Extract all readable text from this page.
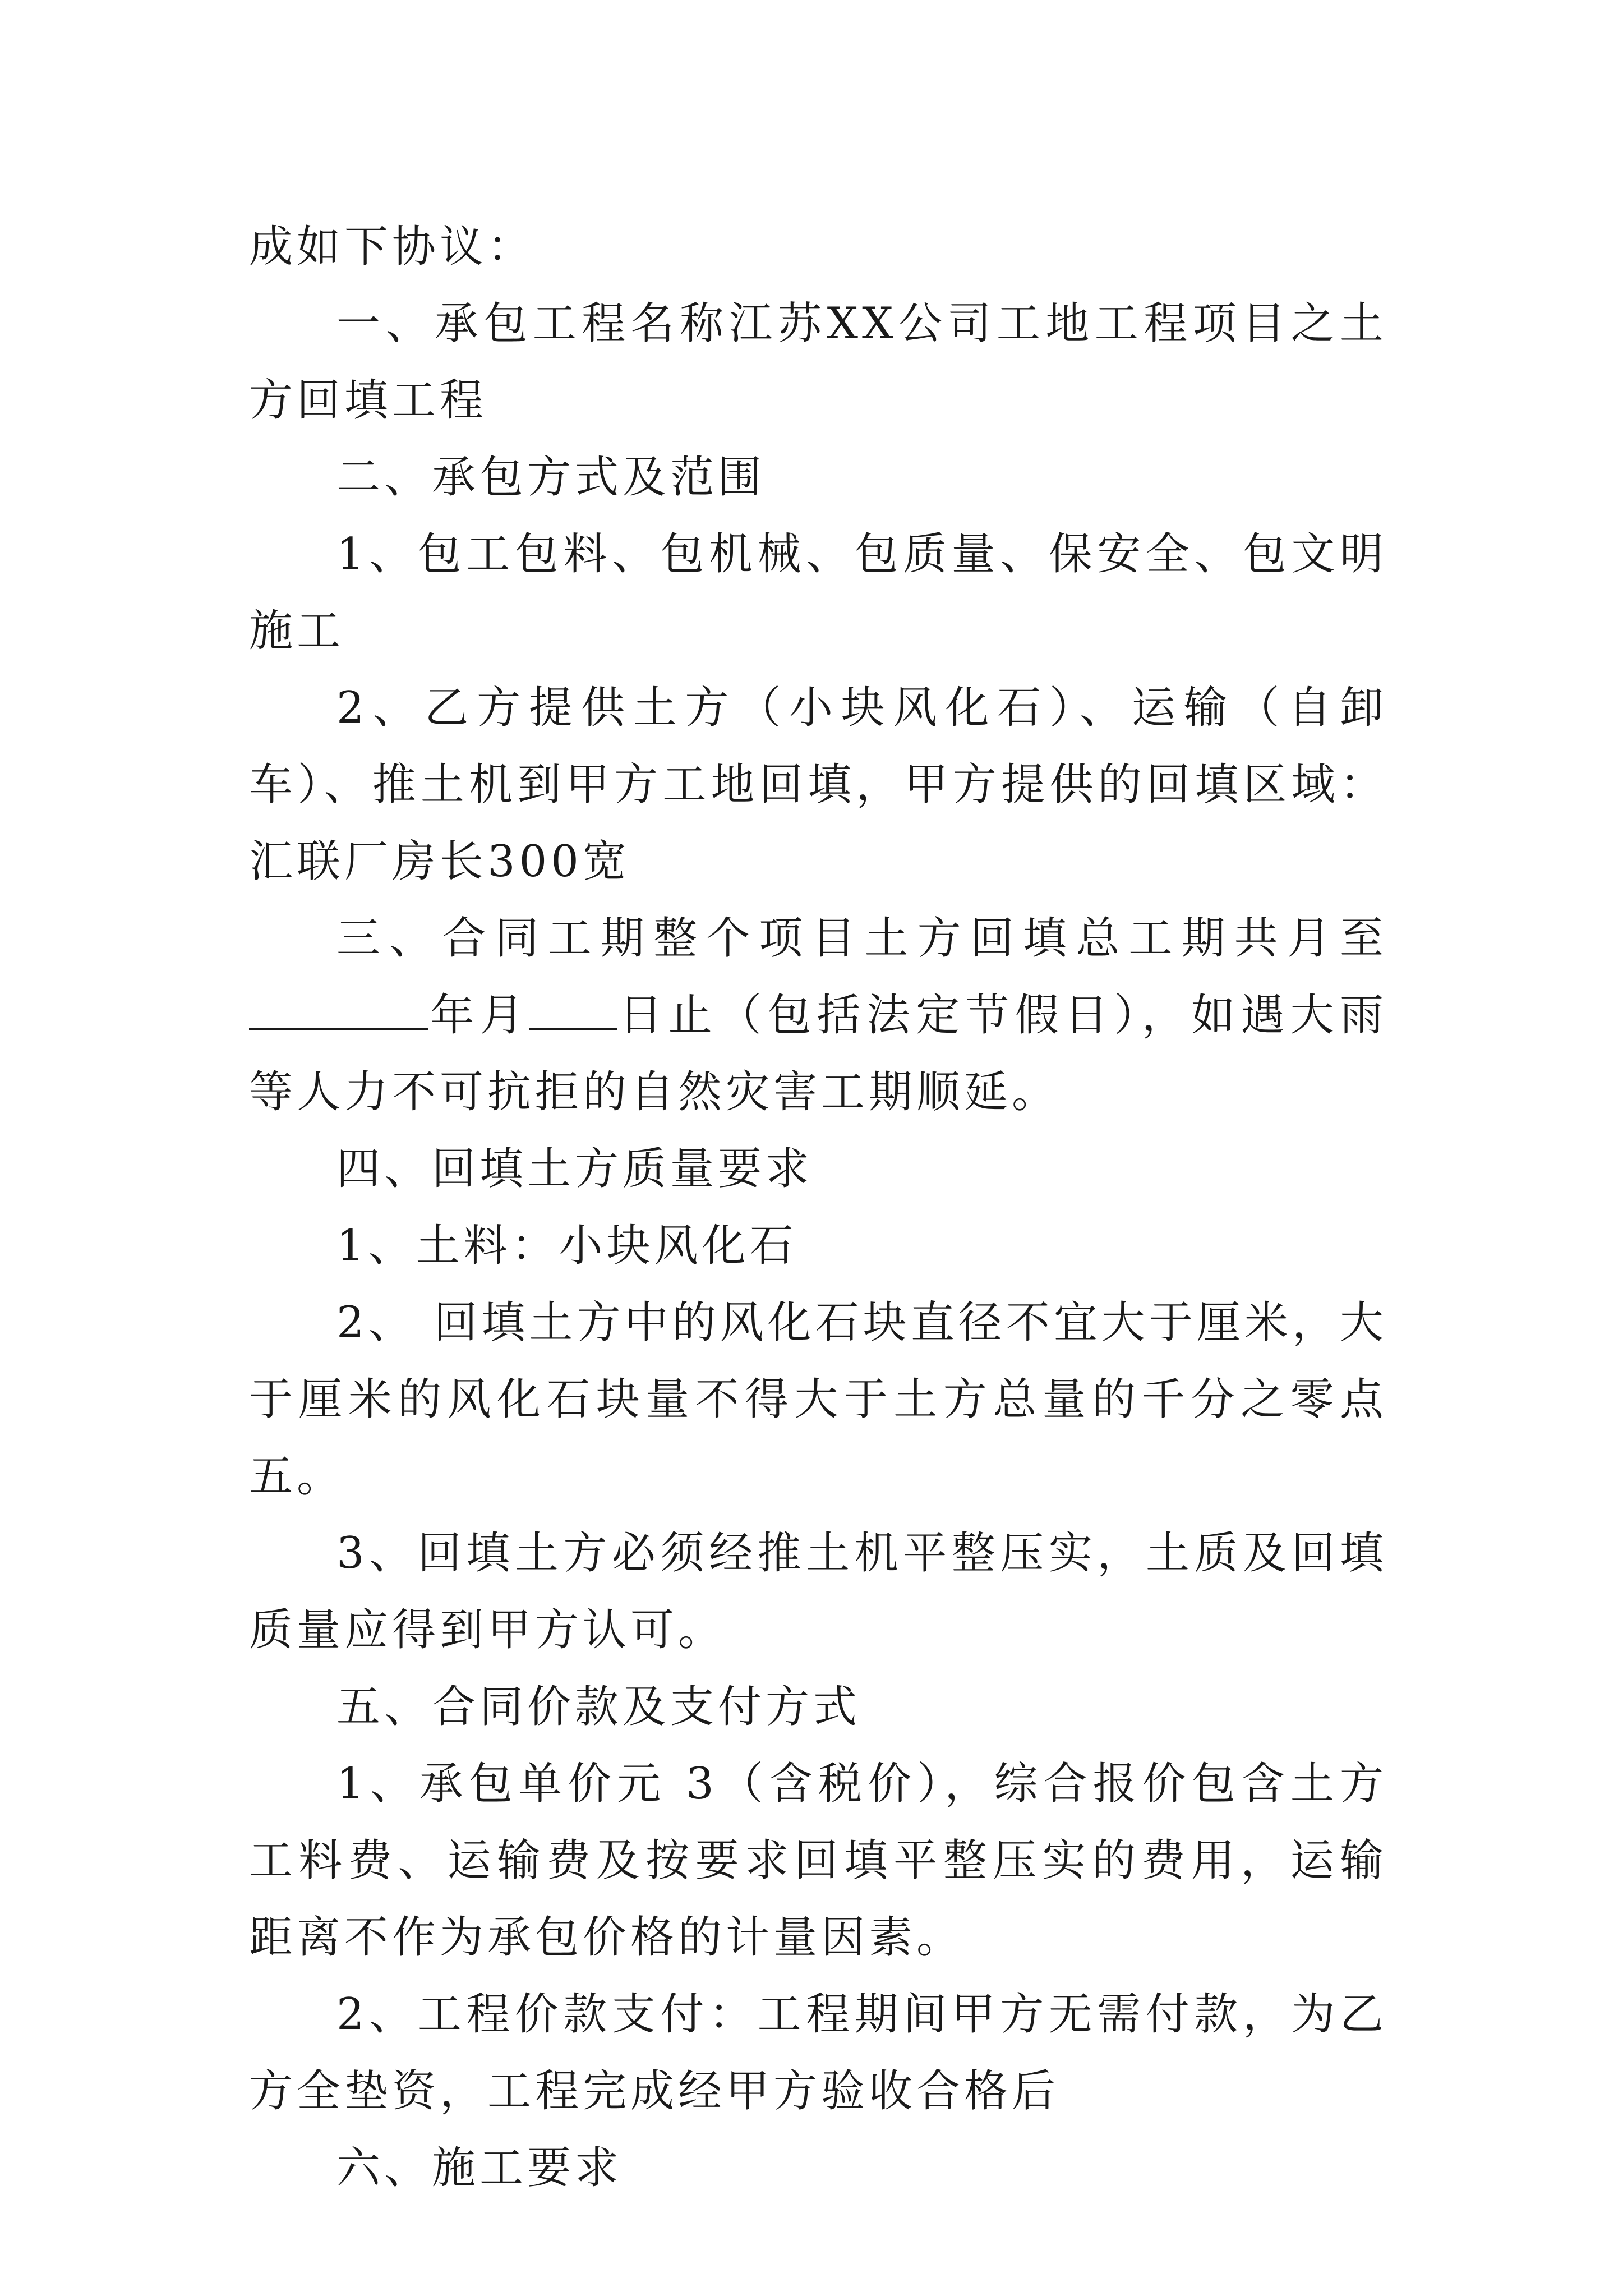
成如下协议：

一、承包工程名称江苏XX公司工地工程项目之土方回填工程

二、承包方式及范围

1、包工包料、包机械、包质量、保安全、包文明施工

2、乙方提供土方（小块风化石）、运输（自卸车）、推土机到甲方工地回填，甲方提供的回填区域：汇联厂房长300宽

三、合同工期整个项目土方回填总工期共月至年月 日止（包括法定节假日），如遇大雨等人力不可抗拒的自然灾害工期顺延。

四、回填土方质量要求

1、土料：小块风化石

2、 回填土方中的风化石块直径不宜大于厘米，大于厘米的风化石块量不得大于土方总量的千分之零点五。

3、回填土方必须经推土机平整压实，土质及回填质量应得到甲方认可。

五、合同价款及支付方式

1、承包单价元 3（含税价），综合报价包含土方工料费、运输费及按要求回填平整压实的费用，运输距离不作为承包价格的计量因素。

2、工程价款支付：工程期间甲方无需付款，为乙方全垫资，工程完成经甲方验收合格后

六、施工要求
